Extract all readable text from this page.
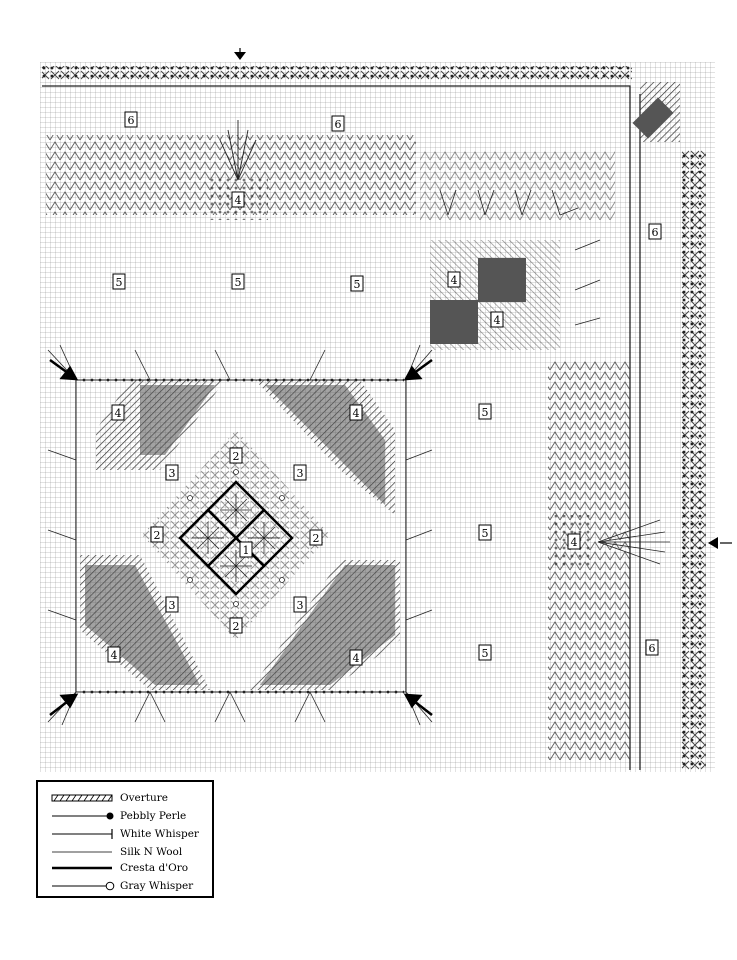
6	6
6
6
4
4
4
4	4
4
4	4
5	5	5
5
5
5
2
2	2
2
3	3
3	3
1
Overture
Pebbly Perle
White Whisper
Silk N Wool
Cresta d'Oro
Gray Whisper
